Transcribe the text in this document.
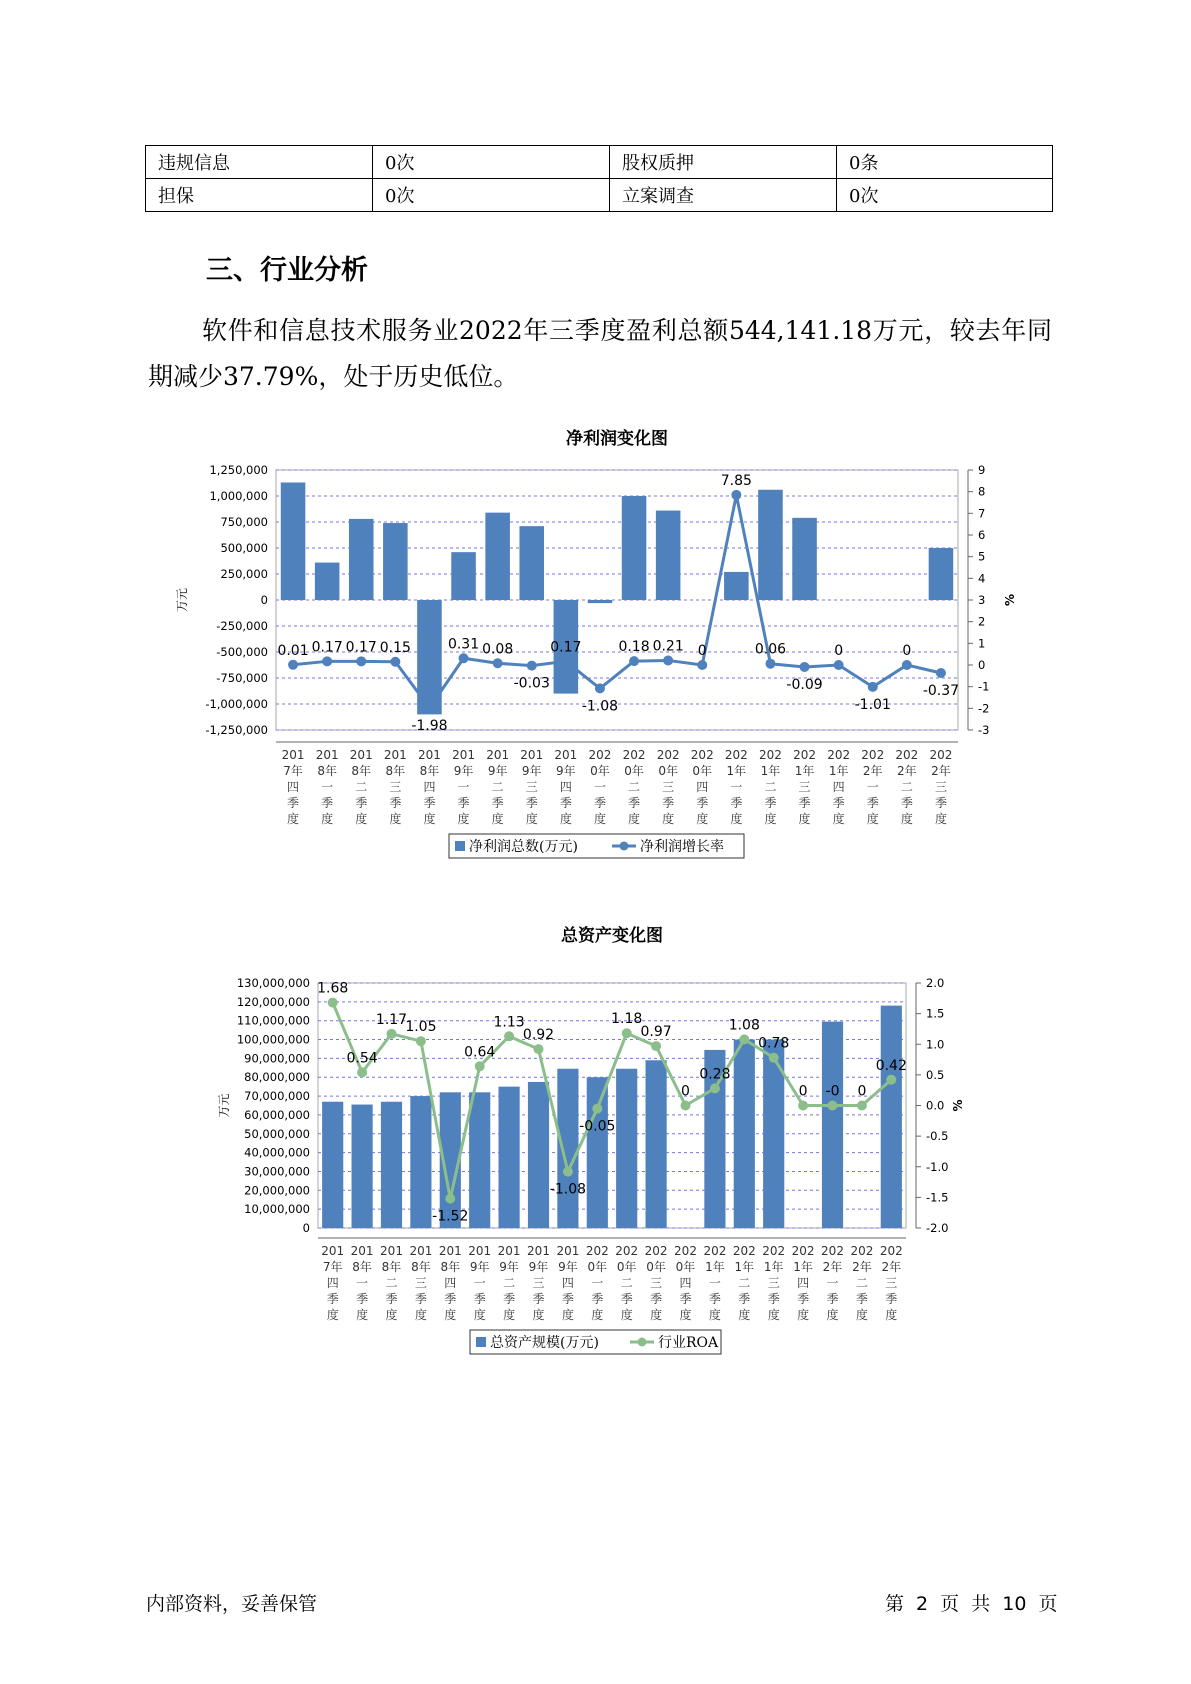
违规信息	0次	股权质押	0条
担保	0次	立案调查	0次
三、行业分析

软件和信息技术服务业2022年三季度盈利总额544,141.18万元，较去年同期减少37.79%，处于历史低位。

净利润变化图
1,250,000
1,000,000
750,000
500,000
250,000
0
-250,000
-500,000
-750,000
-1,000,000
-1,250,000
9
8
7
6
5
4
3
2
1
0
-1
-2
-3
万元	%
0.01 0.17 0.17 0.15
-1.98
0.31 0.08
-0.03
0.17
-1.08
0.18 0.21 0
7.85
0.06
-0.09
0
-1.01
0
-0.37
201 7年四季度
201 8年一季度
201 8年二季度
201 8年三季度
201 8年四季度
201 9年一季度
201 9年二季度
201 9年三季度
201 9年四季度
202 0年一季度
202 0年二季度
202 0年三季度
202 0年四季度
202 1年一季度
202 1年二季度
202 1年三季度
202 1年四季度
202 2年一季度
202 2年二季度
202 2年三季度
净利润总数(万元)	净利润增长率
总资产变化图
130,000,000
120,000,000
110,000,000
100,000,000
90,000,000
80,000,000
70,000,000
60,000,000
50,000,000
40,000,000
30,000,000
20,000,000
10,000,000
0
2.0
1.5
1.0
0.5
0.0
-0.5
-1.0
-1.5
-2.0
万元	%
1.68
0.54
1.17
1.05
-1.52
0.64
1.13
0.92
-1.08
-0.05
1.18
0.97
0
0.28
1.08
0.78
0 -0 0
0.42
201 7年四季度
201 8年一季度
201 8年二季度
201 8年三季度
201 8年四季度
201 9年一季度
201 9年二季度
201 9年三季度
201 9年四季度
202 0年一季度
202 0年二季度
202 0年三季度
202 0年四季度
202 1年一季度
202 1年二季度
202 1年三季度
202 1年四季度
202 2年一季度
202 2年二季度
202 2年三季度
总资产规模(万元)	行业ROA
内部资料，妥善保管	第 2 页 共 10 页
